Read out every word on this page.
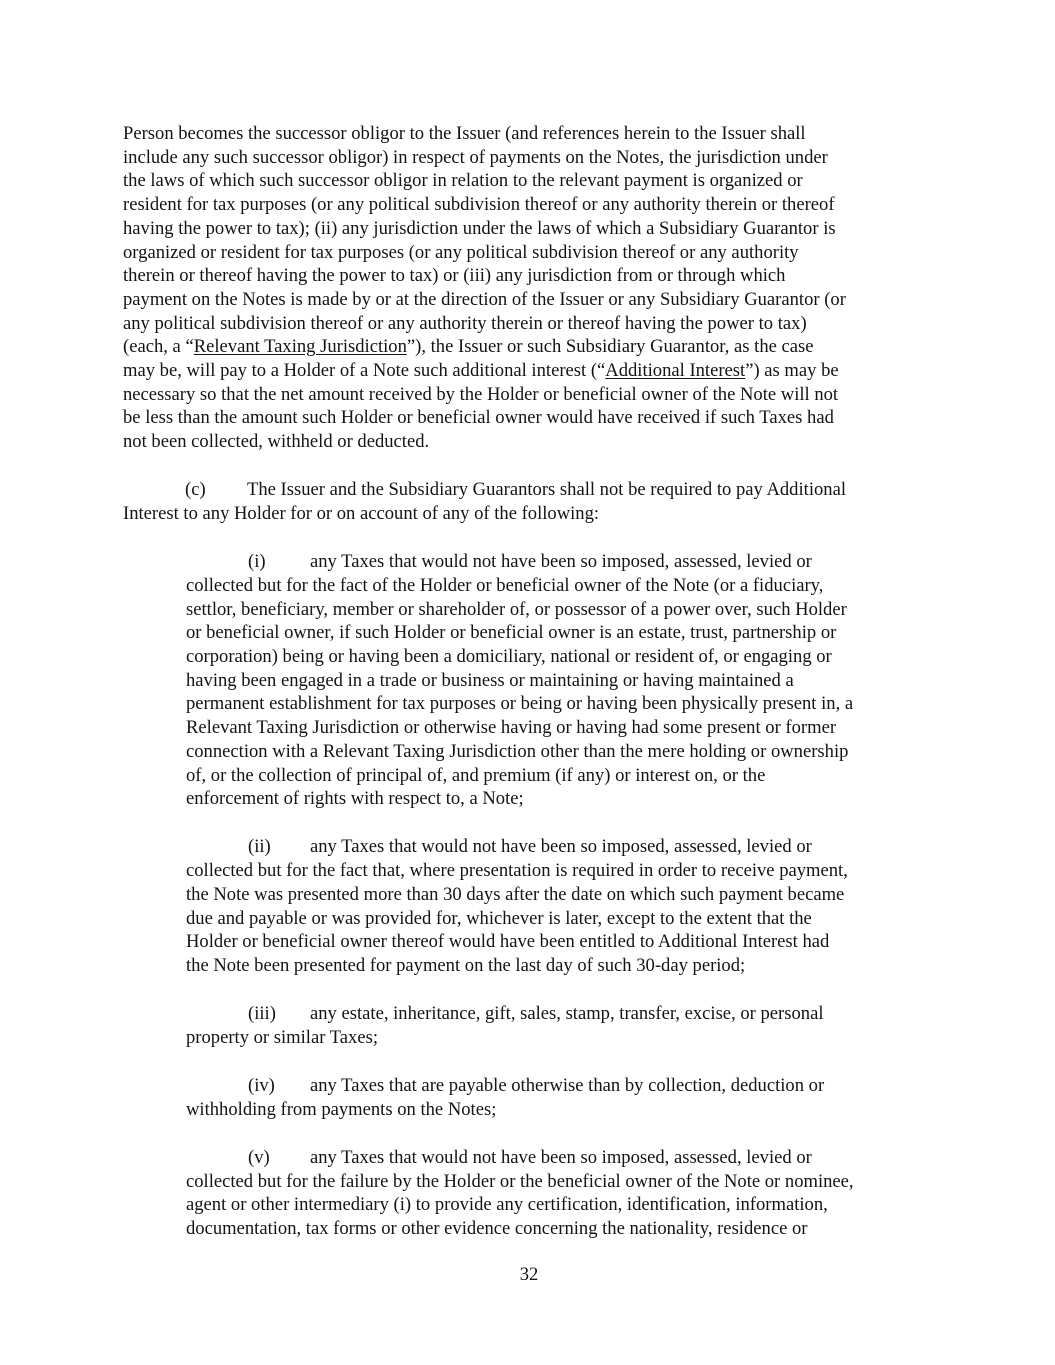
Person becomes the successor obligor to the Issuer (and references herein to the Issuer shall
include any such successor obligor) in respect of payments on the Notes, the jurisdiction under
the laws of which such successor obligor in relation to the relevant payment is organized or
resident for tax purposes (or any political subdivision thereof or any authority therein or thereof
having the power to tax); (ii) any jurisdiction under the laws of which a Subsidiary Guarantor is
organized or resident for tax purposes (or any political subdivision thereof or any authority
therein or thereof having the power to tax) or (iii) any jurisdiction from or through which
payment on the Notes is made by or at the direction of the Issuer or any Subsidiary Guarantor (or
any political subdivision thereof or any authority therein or thereof having the power to tax)
(each, a “Relevant Taxing Jurisdiction”), the Issuer or such Subsidiary Guarantor, as the case
may be, will pay to a Holder of a Note such additional interest (“Additional Interest”) as may be
necessary so that the net amount received by the Holder or beneficial owner of the Note will not
be less than the amount such Holder or beneficial owner would have received if such Taxes had
not been collected, withheld or deducted.

(c) The Issuer and the Subsidiary Guarantors shall not be required to pay Additional
Interest to any Holder for or on account of any of the following:

(i) any Taxes that would not have been so imposed, assessed, levied or
collected but for the fact of the Holder or beneficial owner of the Note (or a fiduciary,
settlor, beneficiary, member or shareholder of, or possessor of a power over, such Holder
or beneficial owner, if such Holder or beneficial owner is an estate, trust, partnership or
corporation) being or having been a domiciliary, national or resident of, or engaging or
having been engaged in a trade or business or maintaining or having maintained a
permanent establishment for tax purposes or being or having been physically present in, a
Relevant Taxing Jurisdiction or otherwise having or having had some present or former
connection with a Relevant Taxing Jurisdiction other than the mere holding or ownership
of, or the collection of principal of, and premium (if any) or interest on, or the
enforcement of rights with respect to, a Note;

(ii) any Taxes that would not have been so imposed, assessed, levied or
collected but for the fact that, where presentation is required in order to receive payment,
the Note was presented more than 30 days after the date on which such payment became
due and payable or was provided for, whichever is later, except to the extent that the
Holder or beneficial owner thereof would have been entitled to Additional Interest had
the Note been presented for payment on the last day of such 30-day period;

(iii) any estate, inheritance, gift, sales, stamp, transfer, excise, or personal
property or similar Taxes;

(iv) any Taxes that are payable otherwise than by collection, deduction or
withholding from payments on the Notes;

(v) any Taxes that would not have been so imposed, assessed, levied or
collected but for the failure by the Holder or the beneficial owner of the Note or nominee,
agent or other intermediary (i) to provide any certification, identification, information,
documentation, tax forms or other evidence concerning the nationality, residence or

32
